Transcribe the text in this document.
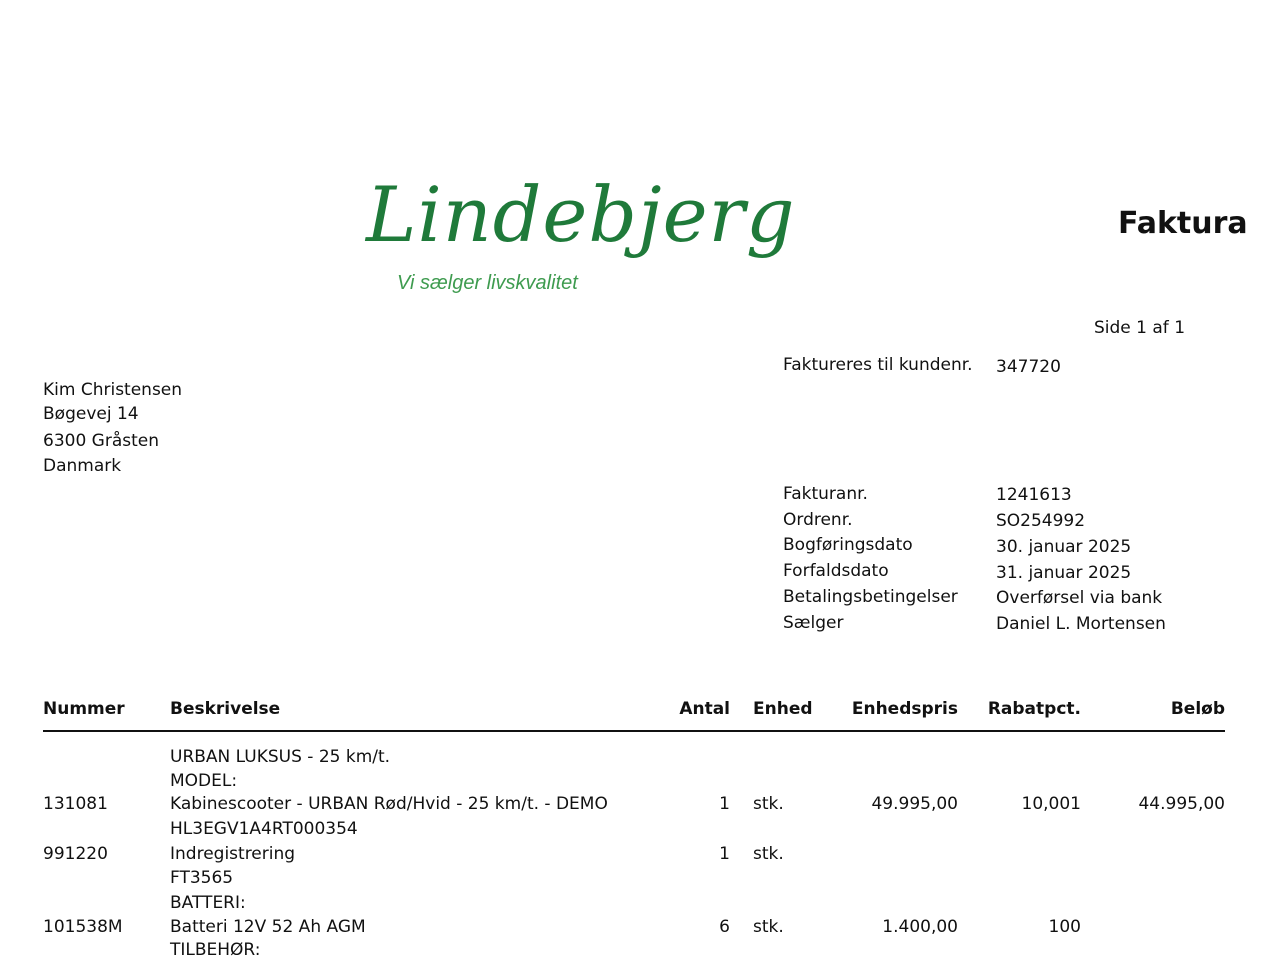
Lindebjerg
Vi sælger livskvalitet
Faktura
Side 1 af 1
Faktureres til kundenr. 347720
Kim Christensen
Bøgevej 14
6300 Gråsten
Danmark
Fakturanr.	1241613
Ordrenr.	SO254992
Bogføringsdato	30. januar 2025
Forfaldsdato	31. januar 2025
Betalingsbetingelser Overførsel via bank
Sælger	Daniel L. Mortensen
Nummer	Beskrivelse	Antal Enhed Enhedspris Rabatpct.	Beløb
URBAN LUKSUS - 25 km/t.
MODEL:
131081	Kabinescooter - URBAN Rød/Hvid - 25 km/t. - DEMO	1 stk.	49.995,00	10,001	44.995,00
HL3EGV1A4RT000354
991220	Indregistrering	1 stk.
FT3565
BATTERI:
101538M	Batteri 12V 52 Ah AGM	6 stk.	1.400,00	100
TILBEHØR:
